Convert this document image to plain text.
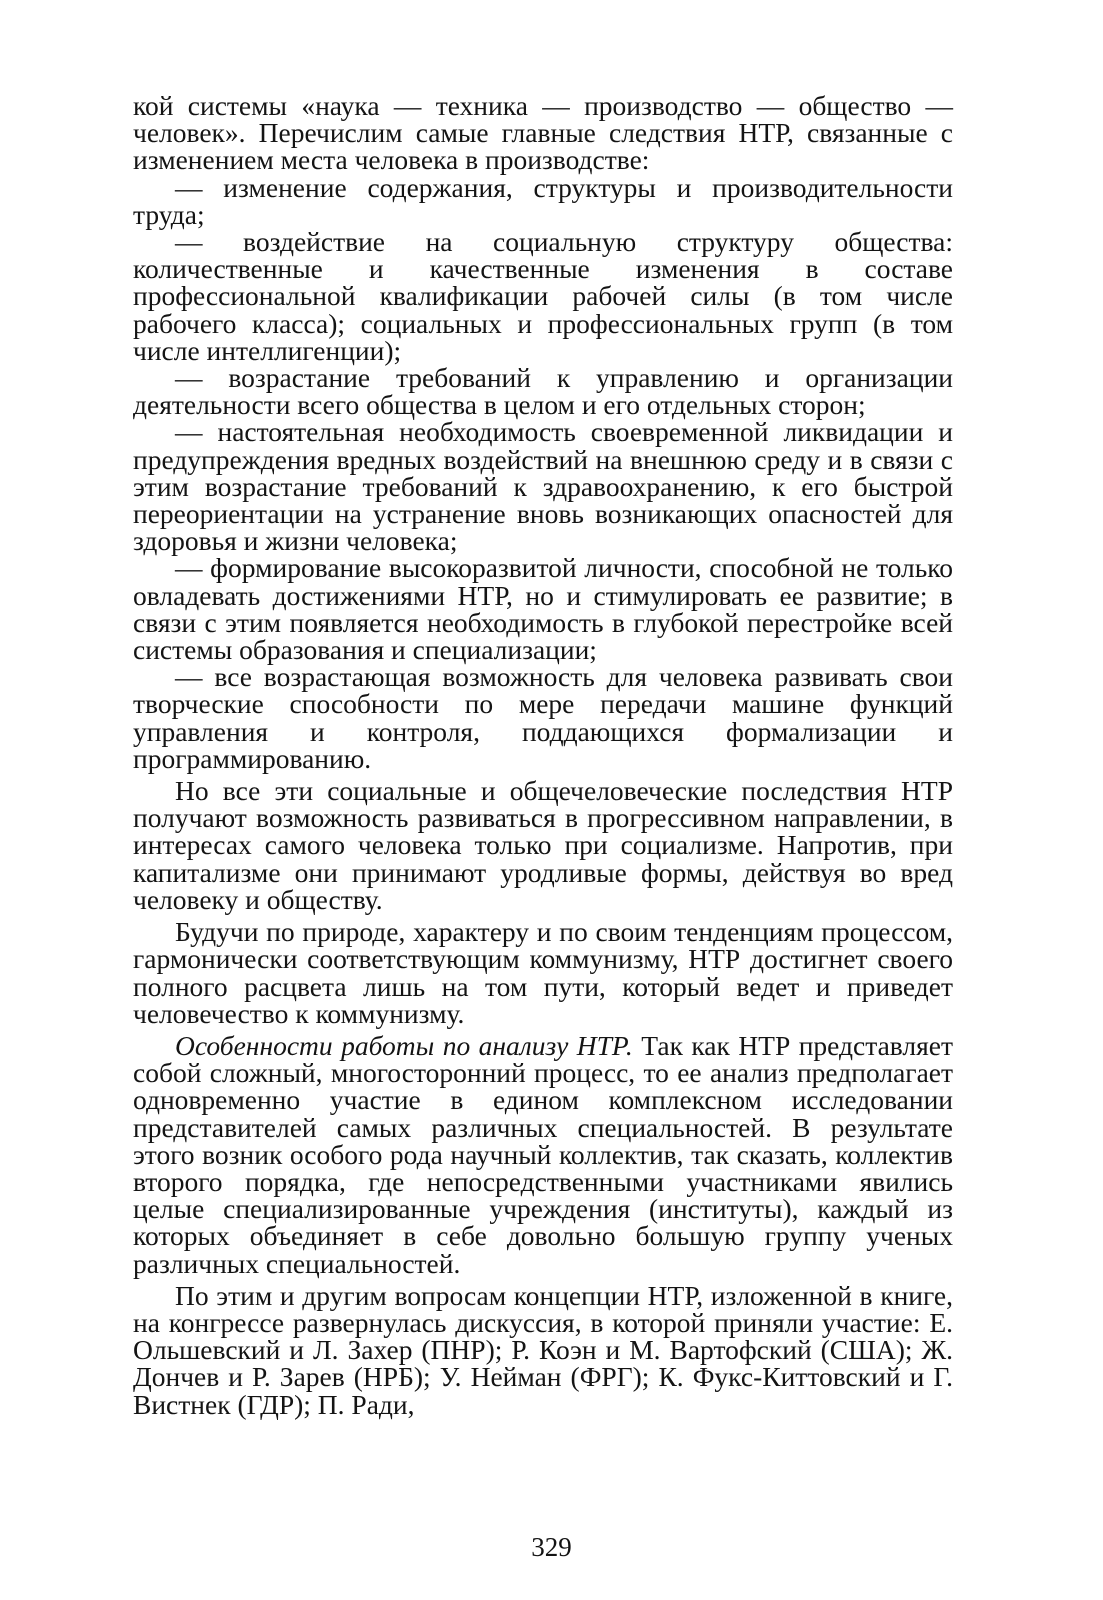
кой системы «наука — техника — производство — общество — человек». Перечислим самые главные следствия НТР, связанные с изменением места человека в производстве:

— изменение содержания, структуры и производительности труда;

— воздействие на социальную структуру общества: количественные и качественные изменения в составе профессиональной квалификации рабочей силы (в том числе рабочего класса); социальных и профессиональных групп (в том числе интеллигенции);

— возрастание требований к управлению и организации деятельности всего общества в целом и его отдельных сторон;

— настоятельная необходимость своевременной ликвидации и предупреждения вредных воздействий на внешнюю среду и в связи с этим возрастание требований к здравоохранению, к его быстрой переориентации на устранение вновь возникающих опасностей для здоровья и жизни человека;

— формирование высокоразвитой личности, способной не только овладевать достижениями НТР, но и стимулировать ее развитие; в связи с этим появляется необходимость в глубокой перестройке всей системы образования и специализации;

— все возрастающая возможность для человека развивать свои творческие способности по мере передачи машине функций управления и контроля, поддающихся формализации и программированию.

Но все эти социальные и общечеловеческие последствия НТР получают возможность развиваться в прогрессивном направлении, в интересах самого человека только при социализме. Напротив, при капитализме они принимают уродливые формы, действуя во вред человеку и обществу.

Будучи по природе, характеру и по своим тенденциям процессом, гармонически соответствующим коммунизму, НТР достигнет своего полного расцвета лишь на том пути, который ведет и приведет человечество к коммунизму.

Особенности работы по анализу НТР. Так как НТР представляет собой сложный, многосторонний процесс, то ее анализ предполагает одновременно участие в едином комплексном исследовании представителей самых различных специальностей. В результате этого возник особого рода научный коллектив, так сказать, коллектив второго порядка, где непосредственными участниками явились целые специализированные учреждения (институты), каждый из которых объединяет в себе довольно большую группу ученых различных специальностей.

По этим и другим вопросам концепции НТР, изложенной в книге, на конгрессе развернулась дискуссия, в которой приняли участие: Е. Ольшевский и Л. Захер (ПНР); Р. Коэн и М. Вартофский (США); Ж. Дончев и Р. Зарев (НРБ); У. Нейман (ФРГ); К. Фукс-Киттовский и Г. Вистнек (ГДР); П. Ради,

329
